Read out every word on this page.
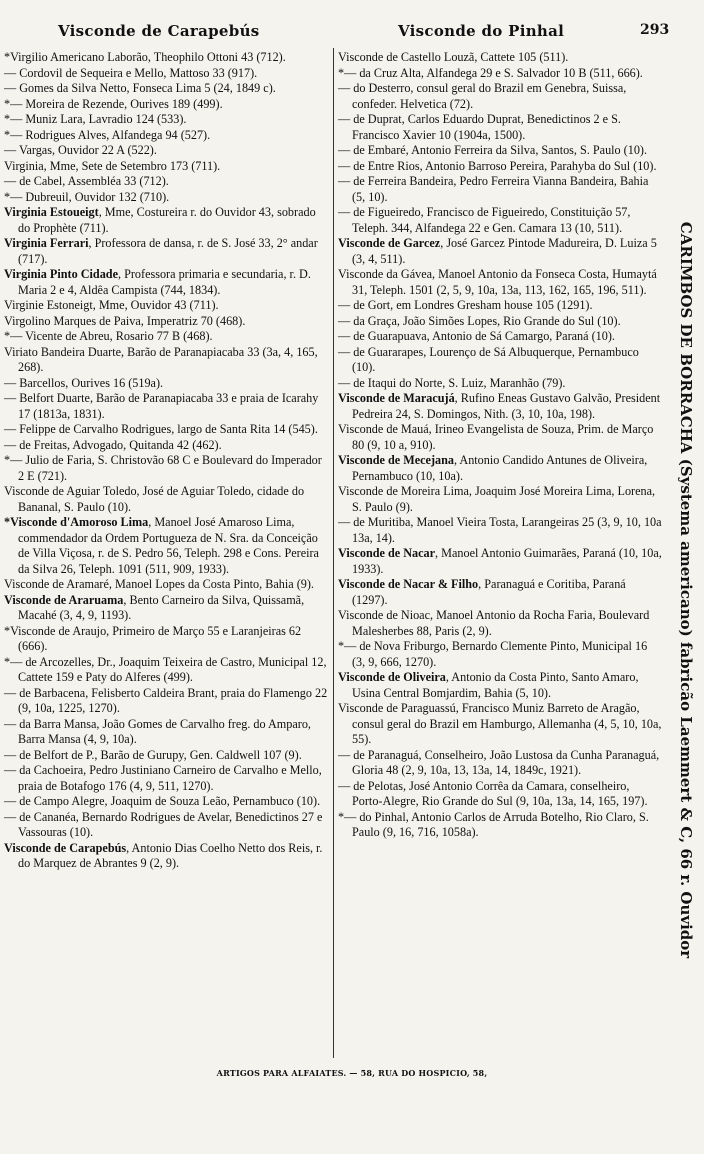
Visconde de Carapebús	Visconde do Pinhal	293

*Virgilio Americano Laborão, Theophilo Ottoni 43 (712).

— Cordovil de Sequeira e Mello, Mattoso 33 (917).

— Gomes da Silva Netto, Fonseca Lima 5 (24, 1849 c).

*— Moreira de Rezende, Ourives 189 (499).

*— Muniz Lara, Lavradio 124 (533).

*— Rodrigues Alves, Alfandega 94 (527).

— Vargas, Ouvidor 22 A (522).

Virginia, Mme, Sete de Setembro 173 (711).

— de Cabel, Assembléa 33 (712).

*— Dubreuil, Ouvidor 132 (710).

Virginia Estoueigt, Mme, Costureira r. do Ouvidor 43, sobrado do Prophète (711).

Virginia Ferrari, Professora de dansa, r. de S. José 33, 2° andar (717).

Virginia Pinto Cidade, Professora primaria e secundaria, r. D. Maria 2 e 4, Aldêa Campista (744, 1834).

Virginie Estoneigt, Mme, Ouvidor 43 (711).

Virgolino Marques de Paiva, Imperatriz 70 (468).

*— Vicente de Abreu, Rosario 77 B (468).

Viriato Bandeira Duarte, Barão de Paranapiacaba 33 (3a, 4, 165, 268).

— Barcellos, Ourives 16 (519a).

— Belfort Duarte, Barão de Paranapiacaba 33 e praia de Icarahy 17 (1813a, 1831).

— Felippe de Carvalho Rodrigues, largo de Santa Rita 14 (545).

— de Freitas, Advogado, Quitanda 42 (462).

*— Julio de Faria, S. Christovão 68 C e Boulevard do Imperador 2 E (721).

Visconde de Aguiar Toledo, José de Aguiar Toledo, cidade do Bananal, S. Paulo (10).

*Visconde d'Amoroso Lima, Manoel José Amaroso Lima, commendador da Ordem Portugueza de N. Sra. da Conceição de Villa Viçosa, r. de S. Pedro 56, Teleph. 298 e Cons. Pereira da Silva 26, Teleph. 1091 (511, 909, 1933).

Visconde de Aramaré, Manoel Lopes da Costa Pinto, Bahia (9).

Visconde de Araruama, Bento Carneiro da Silva, Quissamã, Macahé (3, 4, 9, 1193).

*Visconde de Araujo, Primeiro de Março 55 e Laranjeiras 62 (666).

*— de Arcozelles, Dr., Joaquim Teixeira de Castro, Municipal 12, Cattete 159 e Paty do Alferes (499).

— de Barbacena, Felisberto Caldeira Brant, praia do Flamengo 22 (9, 10a, 1225, 1270).

— da Barra Mansa, João Gomes de Carvalho freg. do Amparo, Barra Mansa (4, 9, 10a).

— de Belfort de P., Barão de Gurupy, Gen. Caldwell 107 (9).

— da Cachoeira, Pedro Justiniano Carneiro de Carvalho e Mello, praia de Botafogo 176 (4, 9, 511, 1270).

— de Campo Alegre, Joaquim de Souza Leão, Pernambuco (10).

— de Cananéa, Bernardo Rodrigues de Avelar, Benedictinos 27 e Vassouras (10).

Visconde de Carapebús, Antonio Dias Coelho Netto dos Reis, r. do Marquez de Abrantes 9 (2, 9).

Visconde de Castello Louzã, Cattete 105 (511).

*— da Cruz Alta, Alfandega 29 e S. Salvador 10 B (511, 666).

— do Desterro, consul geral do Brazil em Genebra, Suissa, confeder. Helvetica (72).

— de Duprat, Carlos Eduardo Duprat, Benedictinos 2 e S. Francisco Xavier 10 (1904a, 1500).

— de Embaré, Antonio Ferreira da Silva, Santos, S. Paulo (10).

— de Entre Rios, Antonio Barroso Pereira, Parahyba do Sul (10).

— de Ferreira Bandeira, Pedro Ferreira Vianna Bandeira, Bahia (5, 10).

— de Figueiredo, Francisco de Figueiredo, Constituição 57, Teleph. 344, Alfandega 22 e Gen. Camara 13 (10, 511).

Visconde de Garcez, José Garcez Pintode Madureira, D. Luiza 5 (3, 4, 511).

Visconde da Gávea, Manoel Antonio da Fonseca Costa, Humaytá 31, Teleph. 1501 (2, 5, 9, 10a, 13a, 113, 162, 165, 196, 511).

— de Gort, em Londres Gresham house 105 (1291).

— da Graça, João Simões Lopes, Rio Grande do Sul (10).

— de Guarapuava, Antonio de Sá Camargo, Paraná (10).

— de Guararapes, Lourenço de Sá Albuquerque, Pernambuco (10).

— de Itaqui do Norte, S. Luiz, Maranhão (79).

Visconde de Maracujá, Rufino Eneas Gustavo Galvão, President Pedreira 24, S. Domingos, Nith. (3, 10, 10a, 198).

Visconde de Mauá, Irineo Evangelista de Souza, Prim. de Março 80 (9, 10 a, 910).

Visconde de Mecejana, Antonio Candido Antunes de Oliveira, Pernambuco (10, 10a).

Visconde de Moreira Lima, Joaquim José Moreira Lima, Lorena, S. Paulo (9).

— de Muritiba, Manoel Vieira Tosta, Larangeiras 25 (3, 9, 10, 10a 13a, 14).

Visconde de Nacar, Manoel Antonio Guimarães, Paraná (10, 10a, 1933).

Visconde de Nacar & Filho, Paranaguá e Coritiba, Paraná (1297).

Visconde de Nioac, Manoel Antonio da Rocha Faria, Boulevard Malesherbes 88, Paris (2, 9).

*— de Nova Friburgo, Bernardo Clemente Pinto, Municipal 16 (3, 9, 666, 1270).

Visconde de Oliveira, Antonio da Costa Pinto, Santo Amaro, Usina Central Bomjardim, Bahia (5, 10).

Visconde de Paraguassú, Francisco Muniz Barreto de Aragão, consul geral do Brazil em Hamburgo, Allemanha (4, 5, 10, 10a, 55).

— de Paranaguá, Conselheiro, João Lustosa da Cunha Paranaguá, Gloria 48 (2, 9, 10a, 13, 13a, 14, 1849c, 1921).

— de Pelotas, José Antonio Corrêa da Camara, conselheiro, Porto-Alegre, Rio Grande do Sul (9, 10a, 13a, 14, 165, 197).

*— do Pinhal, Antonio Carlos de Arruda Botelho, Rio Claro, S. Paulo (9, 16, 716, 1058a).	CARIMBOS DE BORRACHA (Systema americano) fabricão Laemmert & C, 66 r. Ouvidor
ARTIGOS PARA ALFAIATES. — 58, RUA DO HOSPICIO, 58,
